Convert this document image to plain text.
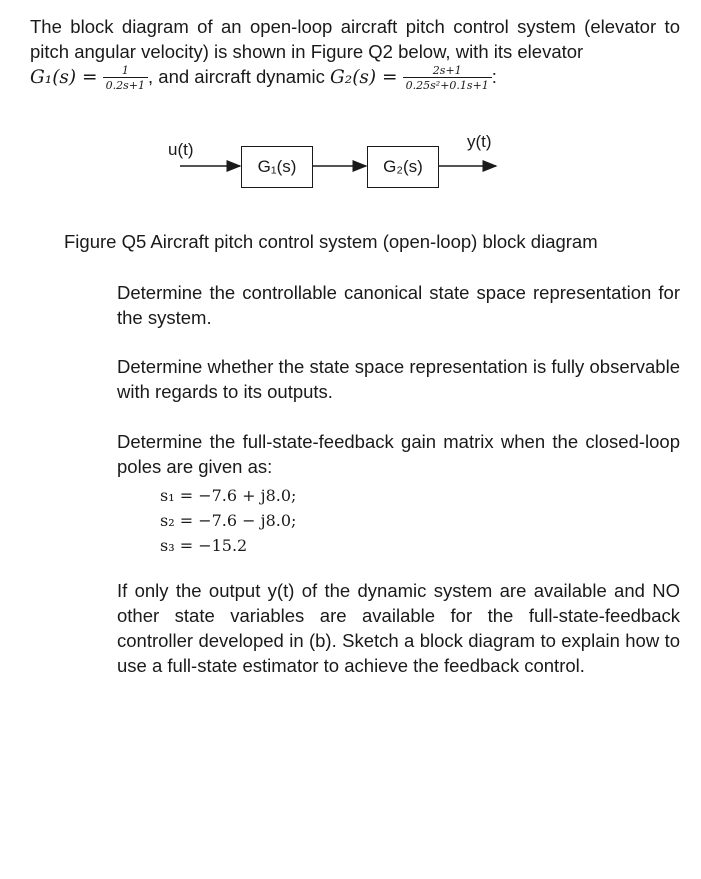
The block diagram of an open-loop aircraft pitch control system (elevator to pitch angular velocity) is shown in Figure Q2 below, with its elevator

$G_1(s) = \frac{1}{0.2s+1}$ , and aircraft dynamic $G_2(s) = \frac{2s+1}{\text{0.25s²+0.1s+1}}$ :
u(t)
G₁(s)	G₂(s)
y(t)
Figure Q5 Aircraft pitch control system (open-loop) block diagram

Determine the controllable canonical state space representation for the system.

Determine whether the state space representation is fully observable with regards to its outputs.

Determine the full-state-feedback gain matrix when the closed-loop poles are given as:

s₁ = −7.6 + j8.0;
s₂ = −7.6 − j8.0;
s₃ = −15.2

If only the output y(t) of the dynamic system are available and NO other state variables are available for the full-state-feedback controller developed in (b). Sketch a block diagram to explain how to use a full-state estimator to achieve the feedback control.
